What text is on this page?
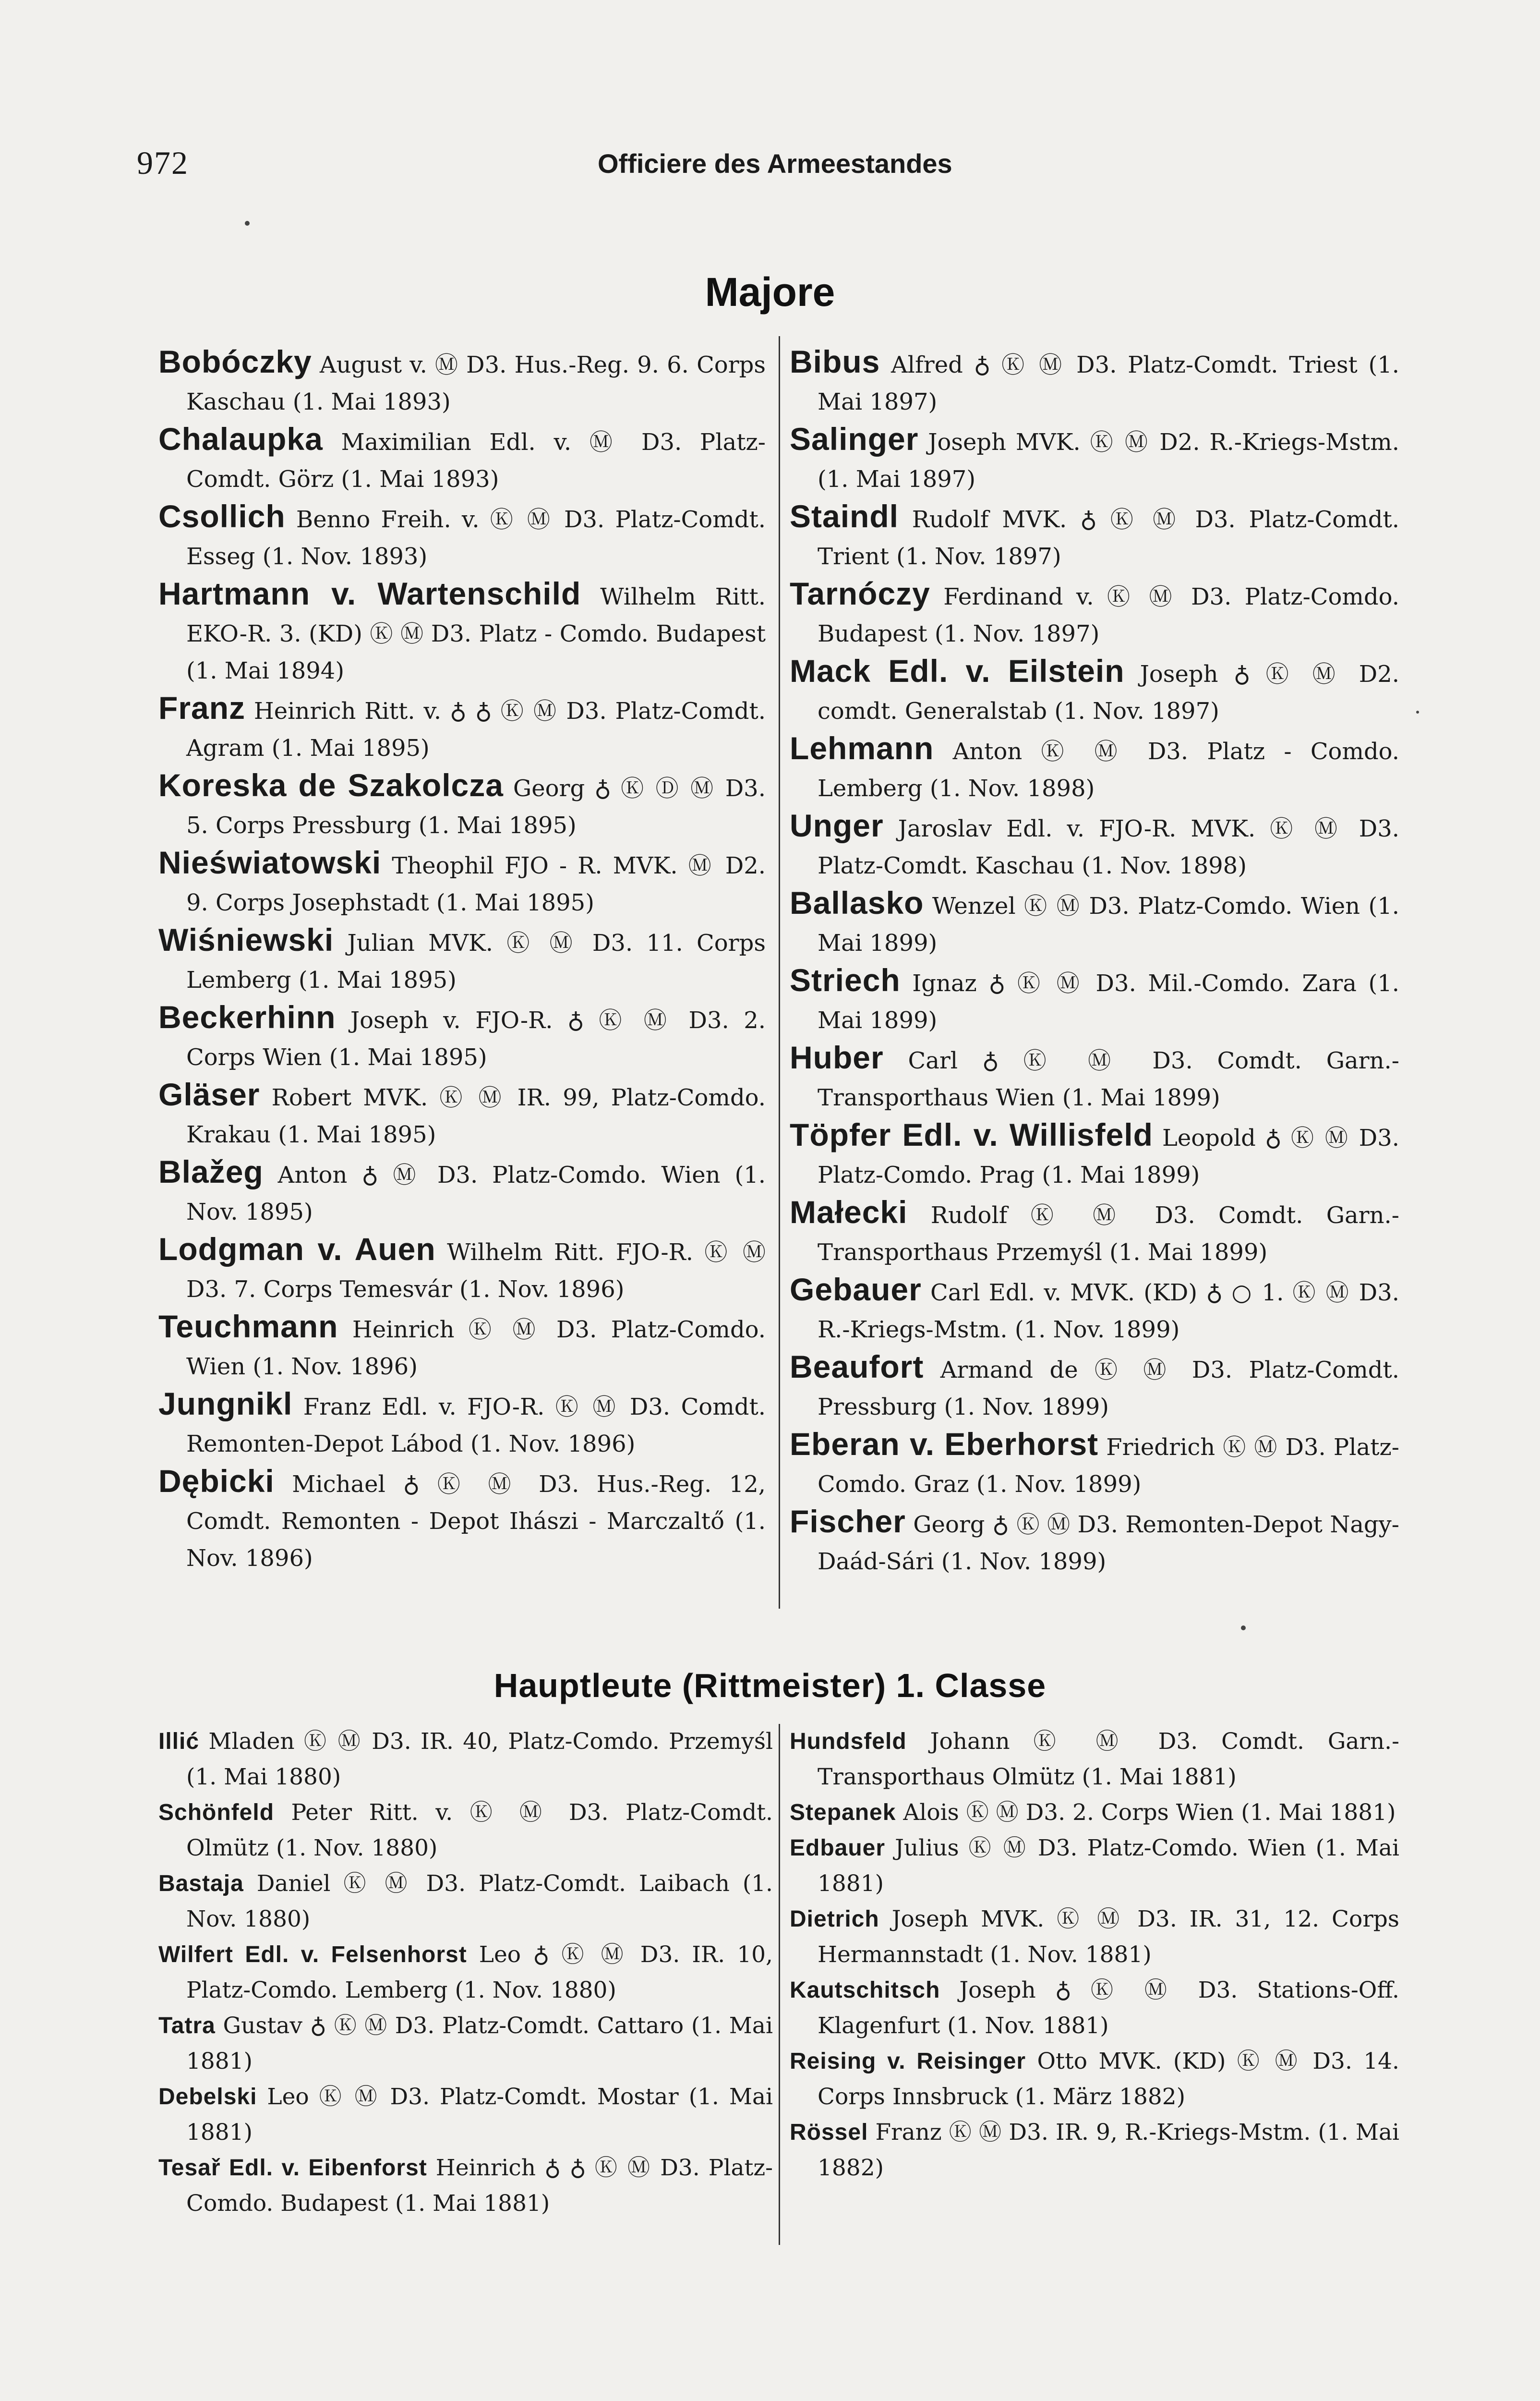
972	Officiere des Armeestandes
Majore
Bobóczky August v. Ⓜ D3. Hus.-Reg. 9. 6. Corps Kaschau (1. Mai 1893)
Chalaupka Maximilian Edl. v. Ⓜ D3. Platz-Comdt. Görz (1. Mai 1893)
Csollich Benno Freih. v. Ⓚ Ⓜ D3. Platz-Comdt. Esseg (1. Nov. 1893)
Hartmann v. Wartenschild Wilhelm Ritt. EKO-R. 3. (KD) Ⓚ Ⓜ D3. Platz - Comdo. Budapest (1. Mai 1894)
Franz Heinrich Ritt. v. ♁ ♁ Ⓚ Ⓜ D3. Platz-Comdt. Agram (1. Mai 1895)
Koreska de Szakolcza Georg ♁ Ⓚ Ⓓ Ⓜ D3. 5. Corps Pressburg (1. Mai 1895)
Nieświatowski Theophil FJO - R. MVK. Ⓜ D2. 9. Corps Josephstadt (1. Mai 1895)
Wiśniewski Julian MVK. Ⓚ Ⓜ D3. 11. Corps Lemberg (1. Mai 1895)
Beckerhinn Joseph v. FJO-R. ♁ Ⓚ Ⓜ D3. 2. Corps Wien (1. Mai 1895)
Gläser Robert MVK. Ⓚ Ⓜ IR. 99, Platz-Comdo. Krakau (1. Mai 1895)
Blažeg Anton ♁ Ⓜ D3. Platz-Comdo. Wien (1. Nov. 1895)
Lodgman v. Auen Wilhelm Ritt. FJO-R. Ⓚ Ⓜ D3. 7. Corps Temesvár (1. Nov. 1896)
Teuchmann Heinrich Ⓚ Ⓜ D3. Platz-Comdo. Wien (1. Nov. 1896)
Jungnikl Franz Edl. v. FJO-R. Ⓚ Ⓜ D3. Comdt. Remonten-Depot Lábod (1. Nov. 1896)
Dębicki Michael ♁ Ⓚ Ⓜ D3. Hus.-Reg. 12, Comdt. Remonten - Depot Ihászi - Marczaltő (1. Nov. 1896)
Bibus Alfred ♁ Ⓚ Ⓜ D3. Platz-Comdt. Triest (1. Mai 1897)
Salinger Joseph MVK. Ⓚ Ⓜ D2. R.-Kriegs-Mstm. (1. Mai 1897)
Staindl Rudolf MVK. ♁ Ⓚ Ⓜ D3. Platz-Comdt. Trient (1. Nov. 1897)
Tarnóczy Ferdinand v. Ⓚ Ⓜ D3. Platz-Comdo. Budapest (1. Nov. 1897)
Mack Edl. v. Eilstein Joseph ♁ Ⓚ Ⓜ D2. comdt. Generalstab (1. Nov. 1897)
Lehmann Anton Ⓚ Ⓜ D3. Platz - Comdo. Lemberg (1. Nov. 1898)
Unger Jaroslav Edl. v. FJO-R. MVK. Ⓚ Ⓜ D3. Platz-Comdt. Kaschau (1. Nov. 1898)
Ballasko Wenzel Ⓚ Ⓜ D3. Platz-Comdo. Wien (1. Mai 1899)
Striech Ignaz ♁ Ⓚ Ⓜ D3. Mil.-Comdo. Zara (1. Mai 1899)
Huber Carl ♁ Ⓚ Ⓜ D3. Comdt. Garn.-Transporthaus Wien (1. Mai 1899)
Töpfer Edl. v. Willisfeld Leopold ♁ Ⓚ Ⓜ D3. Platz-Comdo. Prag (1. Mai 1899)
Małecki Rudolf Ⓚ Ⓜ D3. Comdt. Garn.-Transporthaus Przemyśl (1. Mai 1899)
Gebauer Carl Edl. v. MVK. (KD) ♁ ○ 1. Ⓚ Ⓜ D3. R.-Kriegs-Mstm. (1. Nov. 1899)
Beaufort Armand de Ⓚ Ⓜ D3. Platz-Comdt. Pressburg (1. Nov. 1899)
Eberan v. Eberhorst Friedrich Ⓚ Ⓜ D3. Platz-Comdo. Graz (1. Nov. 1899)
Fischer Georg ♁ Ⓚ Ⓜ D3. Remonten-Depot Nagy-Daád-Sári (1. Nov. 1899)
Hauptleute (Rittmeister) 1. Classe
Illić Mladen Ⓚ Ⓜ D3. IR. 40, Platz-Comdo. Przemyśl (1. Mai 1880)
Schönfeld Peter Ritt. v. Ⓚ Ⓜ D3. Platz-Comdt. Olmütz (1. Nov. 1880)
Bastaja Daniel Ⓚ Ⓜ D3. Platz-Comdt. Laibach (1. Nov. 1880)
Wilfert Edl. v. Felsenhorst Leo ♁ Ⓚ Ⓜ D3. IR. 10, Platz-Comdo. Lemberg (1. Nov. 1880)
Tatra Gustav ♁ Ⓚ Ⓜ D3. Platz-Comdt. Cattaro (1. Mai 1881)
Debelski Leo Ⓚ Ⓜ D3. Platz-Comdt. Mostar (1. Mai 1881)
Tesař Edl. v. Eibenforst Heinrich ♁ ♁ Ⓚ Ⓜ D3. Platz-Comdo. Budapest (1. Mai 1881)
Hundsfeld Johann Ⓚ Ⓜ D3. Comdt. Garn.-Transporthaus Olmütz (1. Mai 1881)
Stepanek Alois Ⓚ Ⓜ D3. 2. Corps Wien (1. Mai 1881)
Edbauer Julius Ⓚ Ⓜ D3. Platz-Comdo. Wien (1. Mai 1881)
Dietrich Joseph MVK. Ⓚ Ⓜ D3. IR. 31, 12. Corps Hermannstadt (1. Nov. 1881)
Kautschitsch Joseph ♁ Ⓚ Ⓜ D3. Stations-Off. Klagenfurt (1. Nov. 1881)
Reising v. Reisinger Otto MVK. (KD) Ⓚ Ⓜ D3. 14. Corps Innsbruck (1. März 1882)
Rössel Franz Ⓚ Ⓜ D3. IR. 9, R.-Kriegs-Mstm. (1. Mai 1882)
